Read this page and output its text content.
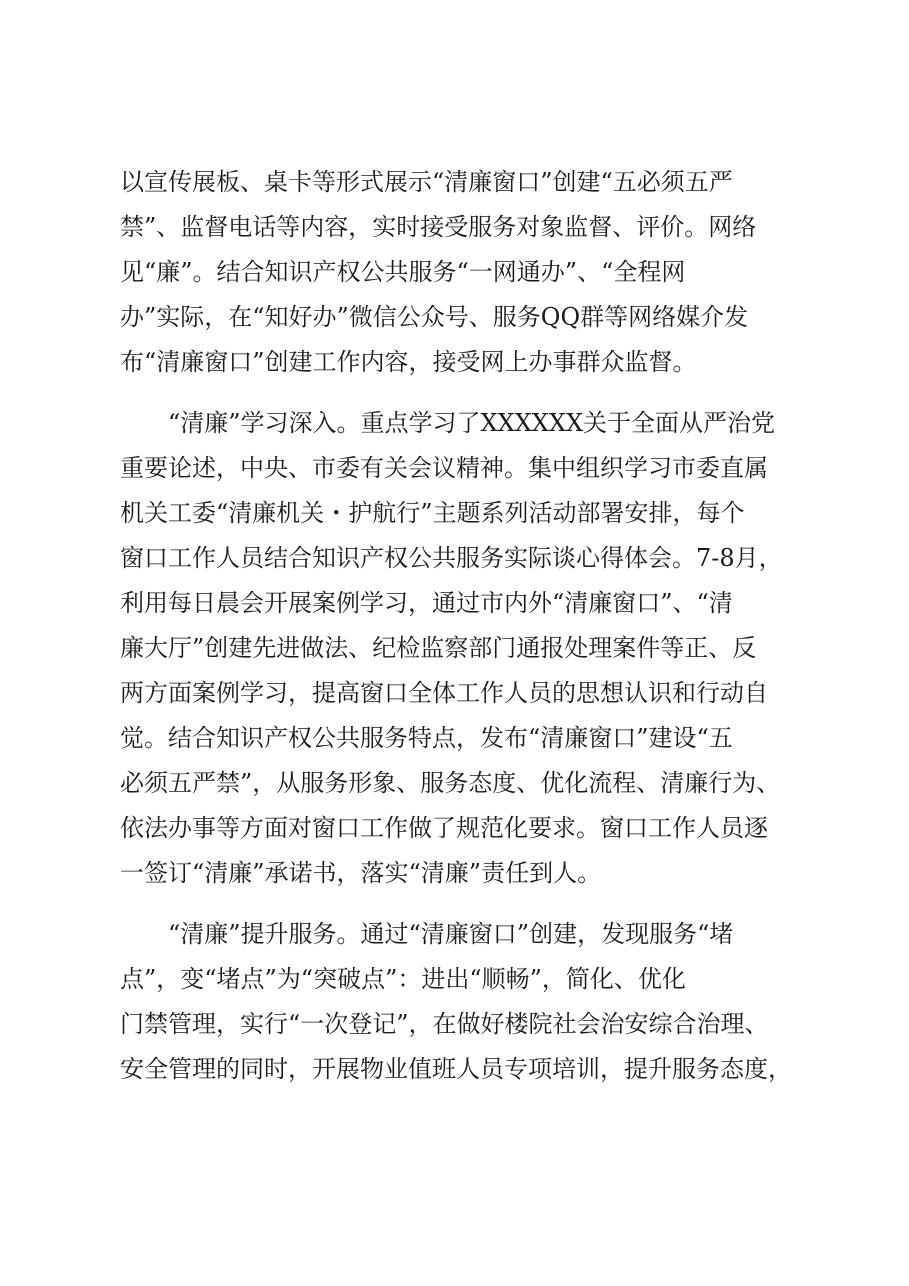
以宣传展板、桌卡等形式展示“清廉窗口”创建“五必须五严
禁”、监督电话等内容，实时接受服务对象监督、评价。网络
见“廉”。结合知识产权公共服务“一网通办”、“全程网
办”实际，在“知好办”微信公众号、服务QQ群等网络媒介发
布“清廉窗口”创建工作内容，接受网上办事群众监督。
“清廉”学习深入。重点学习了XXXXXX关于全面从严治党
重要论述，中央、市委有关会议精神。集中组织学习市委直属
机关工委“清廉机关・护航行”主题系列活动部署安排，每个
窗口工作人员结合知识产权公共服务实际谈心得体会。7-8月，
利用每日晨会开展案例学习，通过市内外“清廉窗口”、“清
廉大厅”创建先进做法、纪检监察部门通报处理案件等正、反
两方面案例学习，提高窗口全体工作人员的思想认识和行动自
觉。结合知识产权公共服务特点，发布“清廉窗口”建设“五
必须五严禁”，从服务形象、服务态度、优化流程、清廉行为、
依法办事等方面对窗口工作做了规范化要求。窗口工作人员逐
一签订“清廉”承诺书，落实“清廉”责任到人。
“清廉”提升服务。通过“清廉窗口”创建，发现服务“堵
点”，变“堵点”为“突破点”：进出“顺畅”，简化、优化
门禁管理，实行“一次登记”，在做好楼院社会治安综合治理、
安全管理的同时，开展物业值班人员专项培训，提升服务态度，
